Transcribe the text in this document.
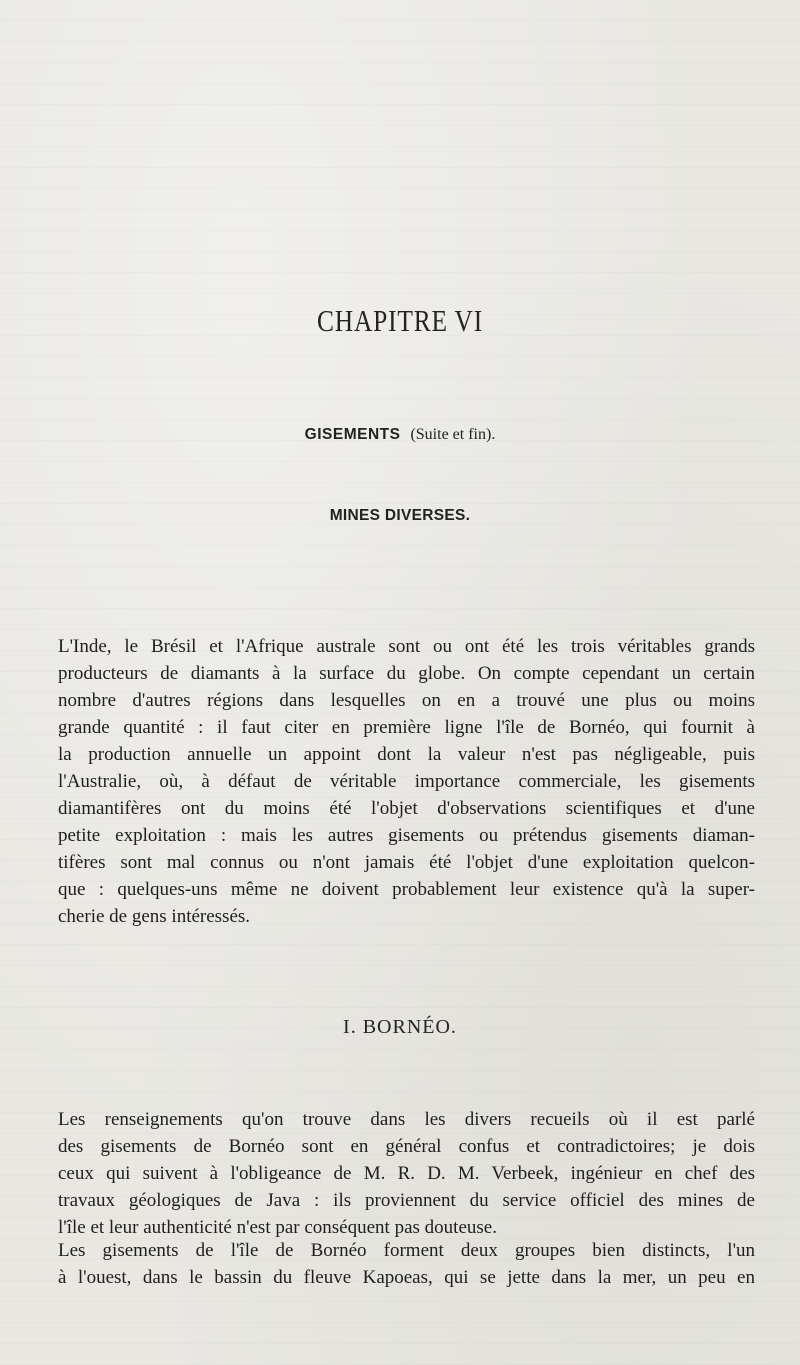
CHAPITRE VI
GISEMENTS (Suite et fin).
MINES DIVERSES.
L'Inde, le Brésil et l'Afrique australe sont ou ont été les trois véritables grands
producteurs de diamants à la surface du globe. On compte cependant un certain
nombre d'autres régions dans lesquelles on en a trouvé une plus ou moins
grande quantité : il faut citer en première ligne l'île de Bornéo, qui fournit à
la production annuelle un appoint dont la valeur n'est pas négligeable, puis
l'Australie, où, à défaut de véritable importance commerciale, les gisements
diamantifères ont du moins été l'objet d'observations scientifiques et d'une
petite exploitation : mais les autres gisements ou prétendus gisements diaman-
tifères sont mal connus ou n'ont jamais été l'objet d'une exploitation quelcon-
que : quelques-uns même ne doivent probablement leur existence qu'à la super-
cherie de gens intéressés.
I. BORNÉO.
Les renseignements qu'on trouve dans les divers recueils où il est parlé
des gisements de Bornéo sont en général confus et contradictoires; je dois
ceux qui suivent à l'obligeance de M. R. D. M. Verbeek, ingénieur en chef des
travaux géologiques de Java : ils proviennent du service officiel des mines de
l'île et leur authenticité n'est par conséquent pas douteuse.
Les gisements de l'île de Bornéo forment deux groupes bien distincts, l'un
à l'ouest, dans le bassin du fleuve Kapoeas, qui se jette dans la mer, un peu en
